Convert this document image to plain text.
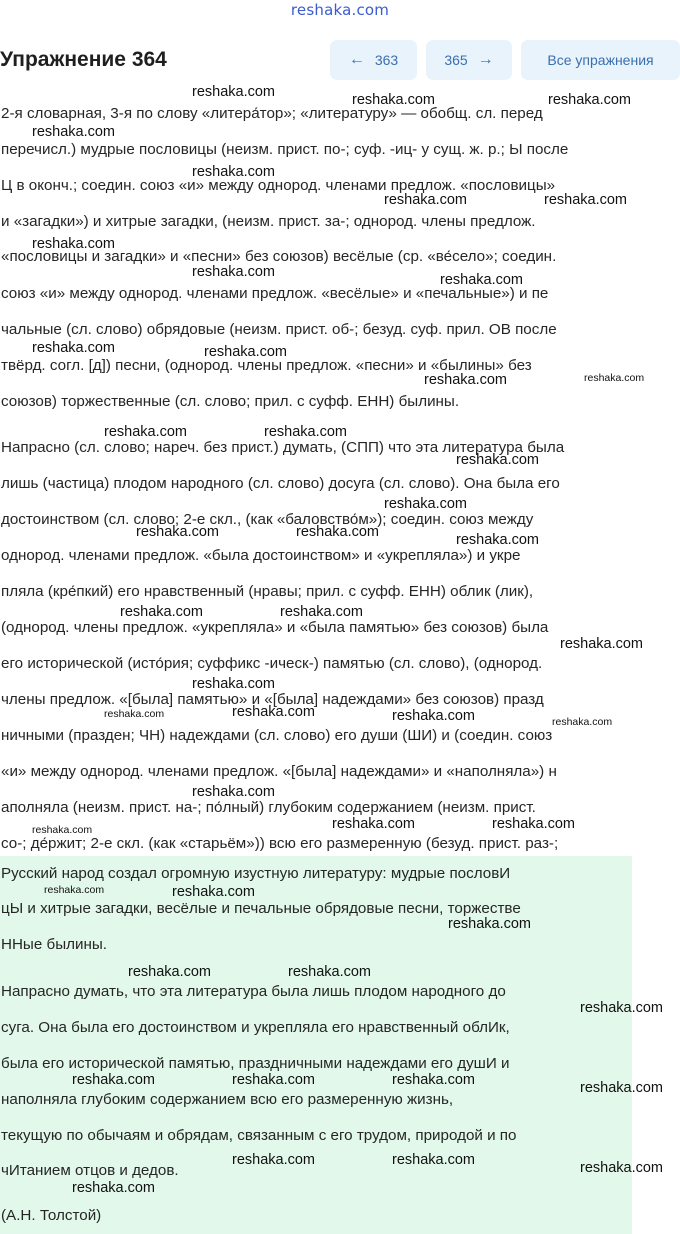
reshaka.com
Упражнение 364	← 363	365 →	Все упражнения
2-я словарная, 3-я по слову «литера́тор»; «литературу» — обобщ. сл. перед
перечисл.) мудрые пословицы (неизм. прист. по-; суф. -иц- у сущ. ж. р.; Ы после
Ц в оконч.; соедин. союз «и» между однород. членами предлож. «пословицы»
и «загадки») и хитрые загадки, (неизм. прист. за-; однород. члены предлож.
«пословицы и загадки» и «песни» без союзов) весёлые (ср. «ве́село»; соедин.
союз «и» между однород. членами предлож. «весёлые» и «печальные») и пе
чальные (сл. слово) обрядовые (неизм. прист. об-; безуд. суф. прил. ОВ после
твёрд. согл. [д]) песни, (однород. члены предлож. «песни» и «былины» без
союзов) торжественные (сл. слово; прил. с суфф. ЕНН) былины.
Напрасно (сл. слово; нареч. без прист.) думать, (СПП) что эта литература была
лишь (частица) плодом народного (сл. слово) досуга (сл. слово). Она была его
достоинством (сл. слово; 2-е скл., (как «баловство́м»); соедин. союз между
однород. членами предлож. «была достоинством» и «укрепляла») и укре
пляла (кре́пкий) его нравственный (нравы; прил. с суфф. ЕНН) облик (лик),
(однород. члены предлож. «укрепляла» и «была памятью» без союзов) была
его исторической (исто́рия; суффикс -ическ-) памятью (сл. слово), (однород.
члены предлож. «[была] памятью» и «[была] надеждами» без союзов) празд
ничными (празден; ЧН) надеждами (сл. слово) его души (ШИ) и (соедин. союз
«и» между однород. членами предлож. «[была] надеждами» и «наполняла») н
аполняла (неизм. прист. на-; по́лный) глубоким содержанием (неизм. прист.
со-; де́ржит; 2-е скл. (как «старьём»)) всю его размеренную (безуд. прист. раз-;
Русский народ создал огромную изустную литературу: мудрые пословИ
цЫ и хитрые загадки, весёлые и печальные обрядовые песни, торжестве
ННые былины.
Напрасно думать, что эта литература была лишь плодом народного до
суга. Она была его достоинством и укрепляла его нравственный облИк,
была его исторической памятью, праздничными надеждами его душИ и
наполняла глубоким содержанием всю его размеренную жизнь,
текущую по обычаям и обрядам, связанным с его трудом, природой и по
чИтанием отцов и дедов.
(А.Н. Толстой)
reshaka.com	reshaka.com	reshaka.com
reshaka.com
reshaka.com
reshaka.com	reshaka.com
reshaka.com
reshaka.com	reshaka.com
reshaka.com	reshaka.com
reshaka.com	reshaka.com
reshaka.com	reshaka.com
reshaka.com
reshaka.com
reshaka.com	reshaka.com	reshaka.com
reshaka.com	reshaka.com
reshaka.com
reshaka.com
reshaka.com	reshaka.com	reshaka.com	reshaka.com
reshaka.com
reshaka.com	reshaka.com	reshaka.com
reshaka.com	reshaka.com
reshaka.com
reshaka.com	reshaka.com
reshaka.com
reshaka.com	reshaka.com	reshaka.com	reshaka.com
reshaka.com	reshaka.com	reshaka.com
reshaka.com
